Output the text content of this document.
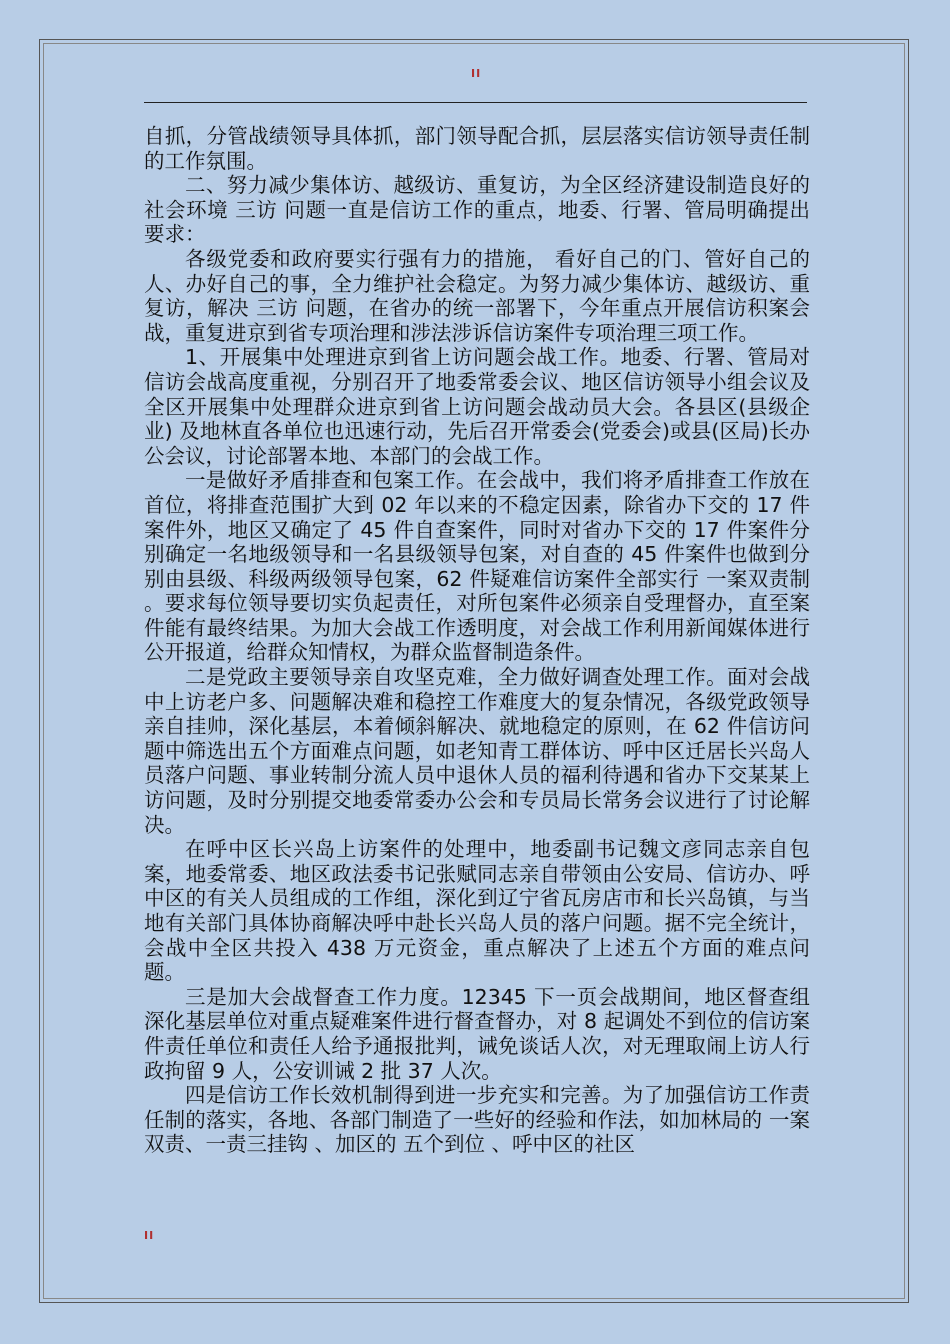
II

自抓，分管战绩领导具体抓，部门领导配合抓，层层落实信访领导责任制的工作氛围。

二、努力减少集体访、越级访、重复访，为全区经济建设制造良好的社会环境 三访 问题一直是信访工作的重点，地委、行署、管局明确提出要求：

各级党委和政府要实行强有力的措施， 看好自己的门、管好自己的人、办好自己的事，全力维护社会稳定。为努力减少集体访、越级访、重复访，解决 三访 问题，在省办的统一部署下，今年重点开展信访积案会战，重复进京到省专项治理和涉法涉诉信访案件专项治理三项工作。

1、开展集中处理进京到省上访问题会战工作。地委、行署、管局对信访会战高度重视，分别召开了地委常委会议、地区信访领导小组会议及全区开展集中处理群众进京到省上访问题会战动员大会。各县区(县级企业) 及地林直各单位也迅速行动，先后召开常委会(党委会)或县(区局)长办公会议，讨论部署本地、本部门的会战工作。

一是做好矛盾排查和包案工作。在会战中，我们将矛盾排查工作放在首位，将排查范围扩大到 02 年以来的不稳定因素，除省办下交的 17 件案件外，地区又确定了 45 件自查案件，同时对省办下交的 17 件案件分别确定一名地级领导和一名县级领导包案，对自查的 45 件案件也做到分别由县级、科级两级领导包案，62 件疑难信访案件全部实行 一案双责制 。要求每位领导要切实负起责任，对所包案件必须亲自受理督办，直至案件能有最终结果。为加大会战工作透明度，对会战工作利用新闻媒体进行公开报道，给群众知情权，为群众监督制造条件。

二是党政主要领导亲自攻坚克难，全力做好调查处理工作。面对会战中上访老户多、问题解决难和稳控工作难度大的复杂情况，各级党政领导亲自挂帅，深化基层，本着倾斜解决、就地稳定的原则，在 62 件信访问题中筛选出五个方面难点问题，如老知青工群体访、呼中区迁居长兴岛人员落户问题、事业转制分流人员中退休人员的福利待遇和省办下交某某上访问题，及时分别提交地委常委办公会和专员局长常务会议进行了讨论解决。

在呼中区长兴岛上访案件的处理中，地委副书记魏文彦同志亲自包案，地委常委、地区政法委书记张赋同志亲自带领由公安局、信访办、呼中区的有关人员组成的工作组，深化到辽宁省瓦房店市和长兴岛镇，与当地有关部门具体协商解决呼中赴长兴岛人员的落户问题。据不完全统计，会战中全区共投入 438 万元资金，重点解决了上述五个方面的难点问题。

三是加大会战督查工作力度。12345 下一页会战期间，地区督查组深化基层单位对重点疑难案件进行督查督办，对 8 起调处不到位的信访案件责任单位和责任人给予通报批判，诫免谈话人次，对无理取闹上访人行政拘留 9 人，公安训诫 2 批 37 人次。

四是信访工作长效机制得到进一步充实和完善。为了加强信访工作责任制的落实，各地、各部门制造了一些好的经验和作法，如加林局的 一案双责、一责三挂钩 、加区的 五个到位 、呼中区的社区

II
